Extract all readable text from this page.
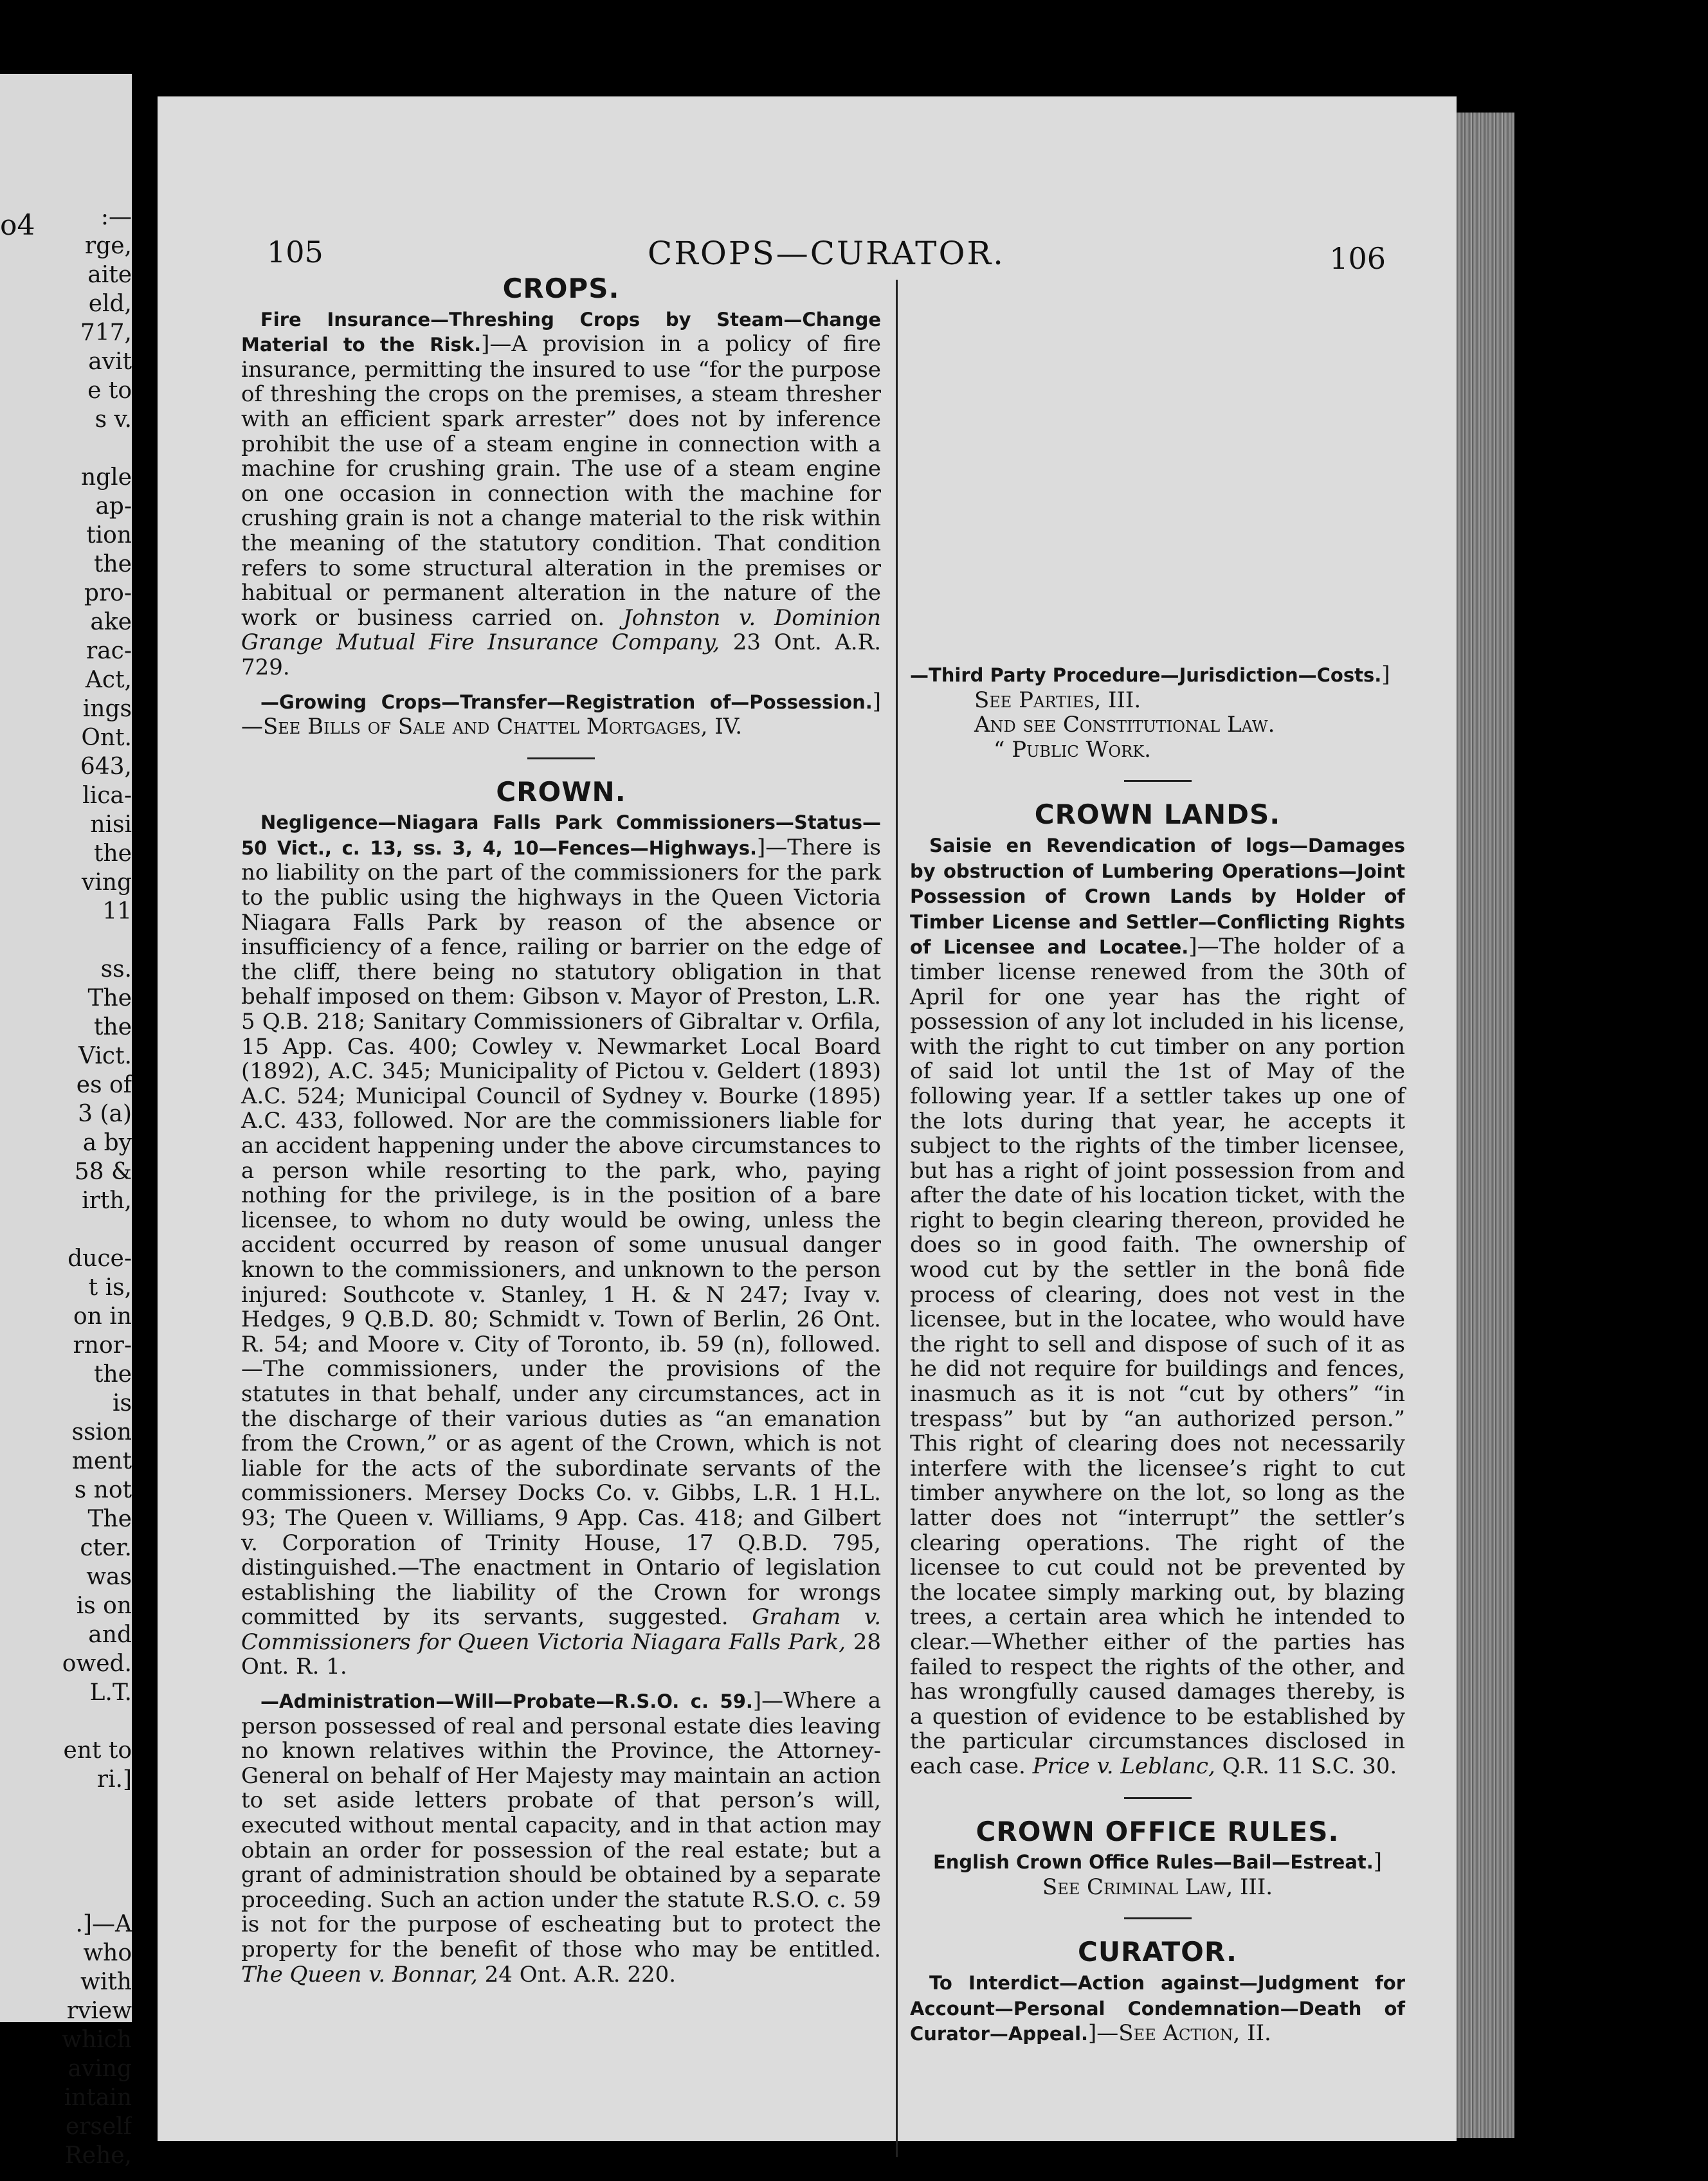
o4	:—
rge,
aite
eld,
717,
avit
e to
s v.

ngle
ap-
tion
the
pro-
ake
rac-
Act,
ings
Ont.
643,
lica-
nisi
the
ving
11

ss.
The
the
Vict.
es of
3 (a)
a by
58 &
irth,

duce-
t is,
on in
rnor-
the
is
ssion
ment
s not
The
cter.
was
is on
and
owed.
L.T.

ent to
ri.]

.]—A
who
with
rview
which
aving
intain
erself
Rehe,
105	CROPS—CURATOR.	106
CROPS.

Fire Insurance—Threshing Crops by Steam—Change Material to the Risk.]—A provision in a policy of fire insurance, permitting the insured to use “for the purpose of threshing the crops on the premises, a steam thresher with an efficient spark arrester” does not by inference prohibit the use of a steam engine in connection with a machine for crushing grain. The use of a steam engine on one occasion in connection with the machine for crushing grain is not a change material to the risk within the meaning of the statutory condition. That condition refers to some structural alteration in the premises or habitual or permanent alteration in the nature of the work or business carried on. Johnston v. Dominion Grange Mutual Fire Insurance Company, 23 Ont. A.R. 729.

—Growing Crops—Transfer—Registration of—Possession.]—See Bills of Sale and Chattel Mortgages, IV.

CROWN.

Negligence—Niagara Falls Park Commissioners—Status—50 Vict., c. 13, ss. 3, 4, 10—Fences—Highways.]—There is no liability on the part of the commissioners for the park to the public using the highways in the Queen Victoria Niagara Falls Park by reason of the absence or insufficiency of a fence, railing or barrier on the edge of the cliff, there being no statutory obligation in that behalf imposed on them: Gibson v. Mayor of Preston, L.R. 5 Q.B. 218; Sanitary Commissioners of Gibraltar v. Orfila, 15 App. Cas. 400; Cowley v. Newmarket Local Board (1892), A.C. 345; Municipality of Pictou v. Geldert (1893) A.C. 524; Municipal Council of Sydney v. Bourke (1895) A.C. 433, followed. Nor are the commissioners liable for an accident happening under the above circumstances to a person while resorting to the park, who, paying nothing for the privilege, is in the position of a bare licensee, to whom no duty would be owing, unless the accident occurred by reason of some unusual danger known to the commissioners, and unknown to the person injured: Southcote v. Stanley, 1 H. & N 247; Ivay v. Hedges, 9 Q.B.D. 80; Schmidt v. Town of Berlin, 26 Ont. R. 54; and Moore v. City of Toronto, ib. 59 (n), followed.—The commissioners, under the provisions of the statutes in that behalf, under any circumstances, act in the discharge of their various duties as “an emanation from the Crown,” or as agent of the Crown, which is not liable for the acts of the subordinate servants of the commissioners. Mersey Docks Co. v. Gibbs, L.R. 1 H.L. 93; The Queen v. Williams, 9 App. Cas. 418; and Gilbert v. Corporation of Trinity House, 17 Q.B.D. 795, distinguished.—The enactment in Ontario of legislation establishing the liability of the Crown for wrongs committed by its servants, suggested. Graham v. Commissioners for Queen Victoria Niagara Falls Park, 28 Ont. R. 1.

—Administration—Will—Probate—R.S.O. c. 59.]—Where a person possessed of real and personal estate dies leaving no known relatives within the Province, the Attorney-General on behalf of Her Majesty may maintain an action to set aside letters probate of that person’s will, executed without mental capacity, and in that action may obtain an order for possession of the real estate; but a grant of administration should be obtained by a separate proceeding. Such an action under the statute R.S.O. c. 59 is not for the purpose of escheating but to protect the property for the benefit of those who may be entitled. The Queen v. Bonnar, 24 Ont. A.R. 220.

—Third Party Procedure—Jurisdiction—Costs.]

See Parties, III.

And see Constitutional Law.

“ Public Work.

CROWN LANDS.

Saisie en Revendication of logs—Damages by obstruction of Lumbering Operations—Joint Possession of Crown Lands by Holder of Timber License and Settler—Conflicting Rights of Licensee and Locatee.]—The holder of a timber license renewed from the 30th of April for one year has the right of possession of any lot included in his license, with the right to cut timber on any portion of said lot until the 1st of May of the following year. If a settler takes up one of the lots during that year, he accepts it subject to the rights of the timber licensee, but has a right of joint possession from and after the date of his location ticket, with the right to begin clearing thereon, provided he does so in good faith. The ownership of wood cut by the settler in the bonâ fide process of clearing, does not vest in the licensee, but in the locatee, who would have the right to sell and dispose of such of it as he did not require for buildings and fences, inasmuch as it is not “cut by others” “in trespass” but by “an authorized person.” This right of clearing does not necessarily interfere with the licensee’s right to cut timber anywhere on the lot, so long as the latter does not “interrupt” the settler’s clearing operations. The right of the licensee to cut could not be prevented by the locatee simply marking out, by blazing trees, a certain area which he intended to clear.—Whether either of the parties has failed to respect the rights of the other, and has wrongfully caused damages thereby, is a question of evidence to be established by the particular circumstances disclosed in each case. Price v. Leblanc, Q.R. 11 S.C. 30.

CROWN OFFICE RULES.

English Crown Office Rules—Bail—Estreat.]

See Criminal Law, III.

CURATOR.

To Interdict—Action against—Judgment for Account—Personal Condemnation—Death of Curator—Appeal.]—See Action, II.
